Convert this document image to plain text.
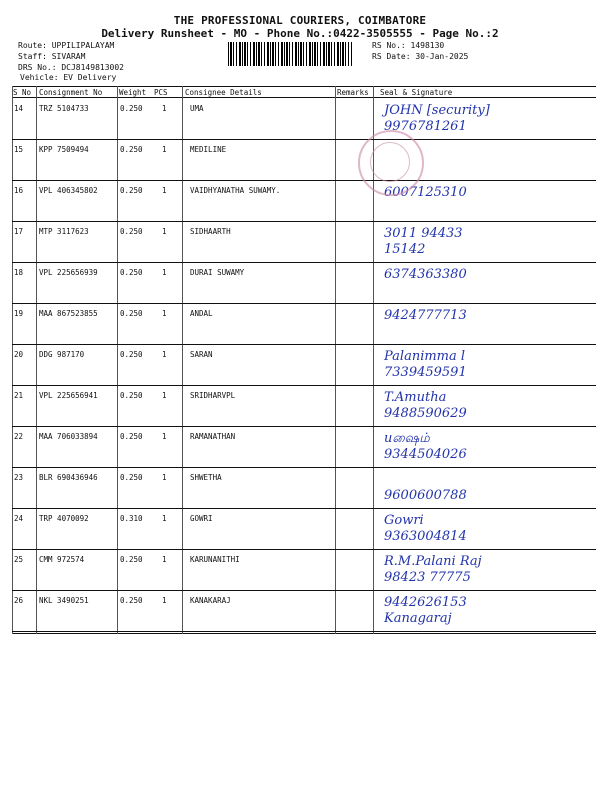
THE PROFESSIONAL COURIERS, COIMBATORE
Delivery Runsheet - MO - Phone No.:0422-3505555 - Page No.:2
Route: UPPILIPALAYAM
Staff: SIVARAM
DRS No.: DCJ814981300​2
Vehicle: EV Delivery
RS No.: 1498130
RS Date: 30-Jan-2025
S No Consignment No Weight PCS Consignee Details	Remarks Seal & Signature
14 TRZ 5104733	0.250	1	UMA	JOHN [security]
9976781261
15 KPP 7509494	0.250	1	MEDILINE
16 VPL 406345802	0.250	1	VAIDHYANATHA SUWAMY.	6007125310
17 MTP 3117623	0.250	1	SIDHAARTH	3011 94433
15142
18 VPL 225656939	0.250	1	DURAI SUWAMY	6374363380
19 MAA 867523855	0.250	1	ANDAL	9424777713
20 DDG 987170	0.250	1	SARAN	Palanimma l
7339459591
21 VPL 225656941	0.250	1	SRIDHARVPL	T.Amutha
9488590629
22 MAA 706033894	0.250	1	RAMANATHAN	uஷைம்
9344504026
23 BLR 690436946	0.250	1	SHWETHA
9600600788
24 TRP 4070092	0.310	1	GOWRI	Gowri
9363004814
25 CMM 972574	0.250	1	KARUNANITHI	R.M.Palani Raj
98423 77775
26 NKL 3490251	0.250	1	KANAKARAJ	9442626153
Kanagaraj
